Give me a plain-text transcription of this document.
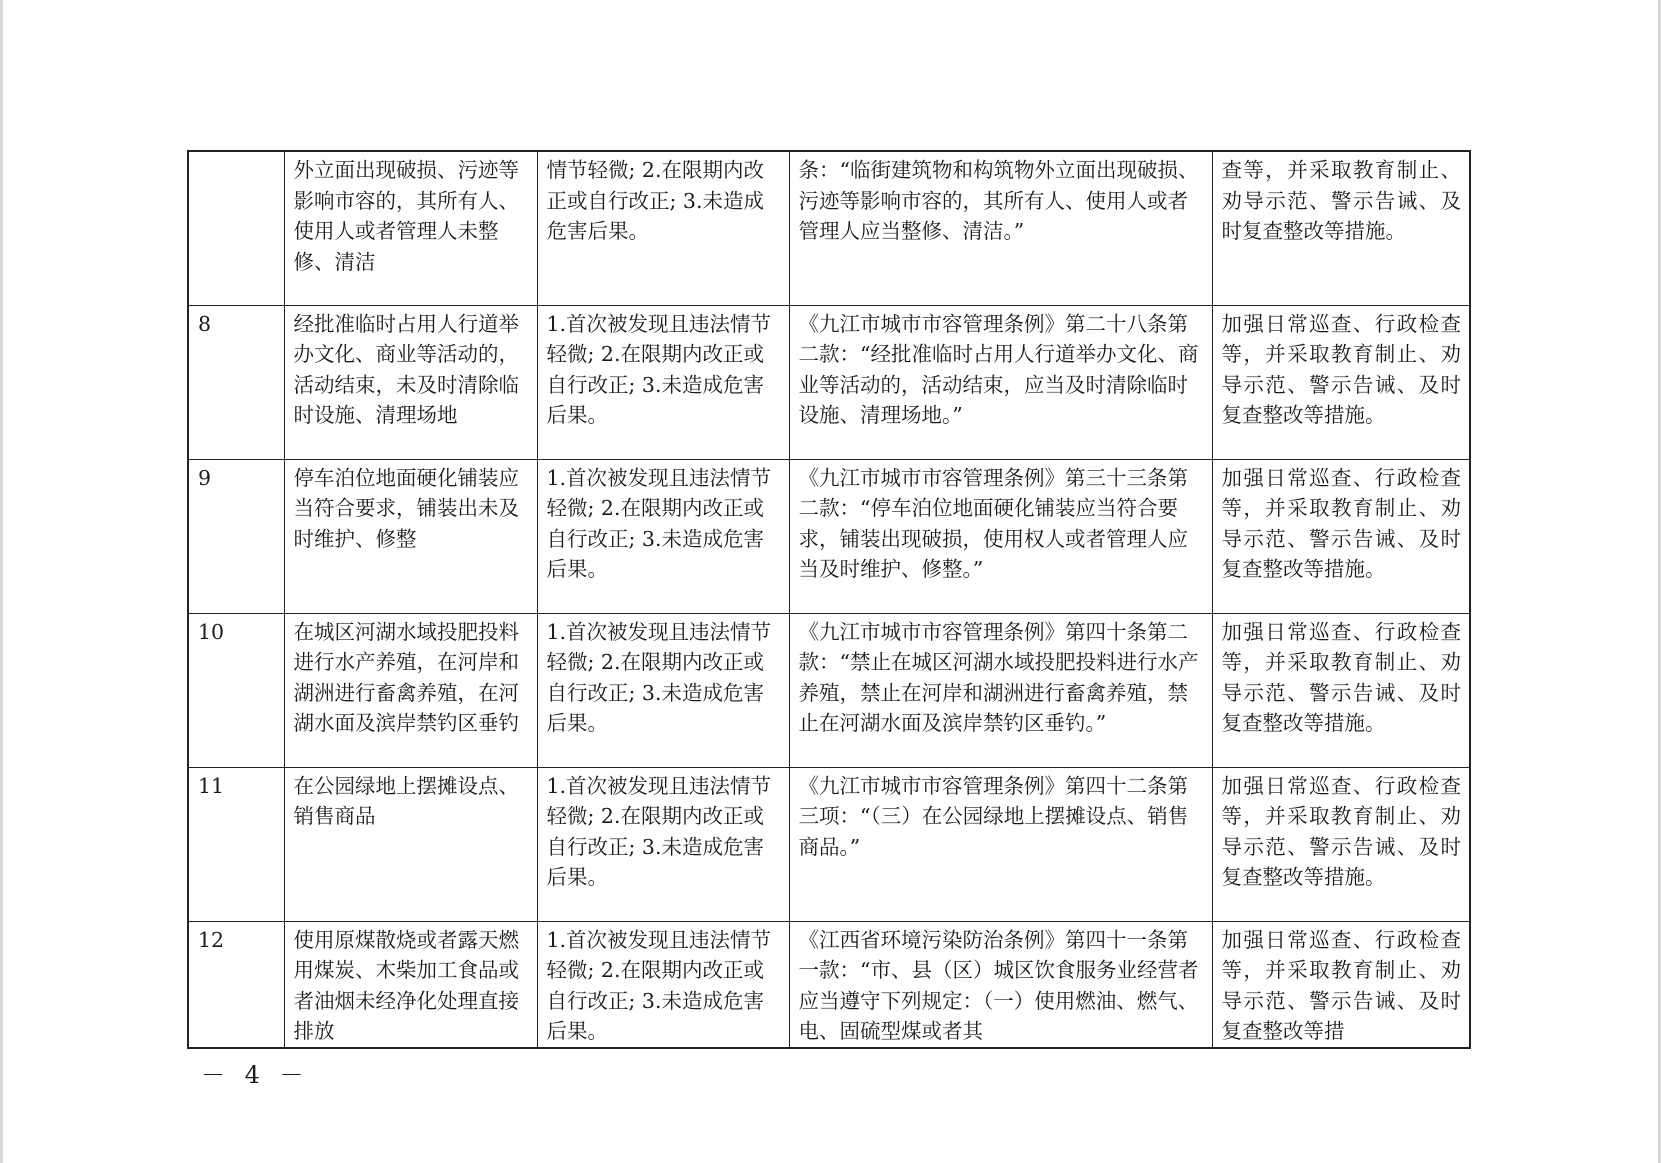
	外立面出现破损、污迹等影响市容的，其所有人、使用人或者管理人未整修、清洁	情节轻微; 2.在限期内改正或自行改正; 3.未造成危害后果。	条：“临街建筑物和构筑物外立面出现破损、污迹等影响市容的，其所有人、使用人或者管理人应当整修、清洁。”	查等，并采取教育制止、劝导示范、警示告诫、及时复查整改等措施。
8	经批准临时占用人行道举办文化、商业等活动的，活动结束，未及时清除临时设施、清理场地	1.首次被发现且违法情节轻微; 2.在限期内改正或自行改正; 3.未造成危害后果。	《九江市城市市容管理条例》第二十八条第二款：“经批准临时占用人行道举办文化、商业等活动的，活动结束，应当及时清除临时设施、清理场地。”	加强日常巡查、行政检查等，并采取教育制止、劝导示范、警示告诫、及时复查整改等措施。
9	停车泊位地面硬化铺装应当符合要求，铺装出未及时维护、修整	1.首次被发现且违法情节轻微; 2.在限期内改正或自行改正; 3.未造成危害后果。	《九江市城市市容管理条例》第三十三条第二款：“停车泊位地面硬化铺装应当符合要求，铺装出现破损，使用权人或者管理人应当及时维护、修整。”	加强日常巡查、行政检查等，并采取教育制止、劝导示范、警示告诫、及时复查整改等措施。
10	在城区河湖水域投肥投料进行水产养殖，在河岸和湖洲进行畜禽养殖，在河湖水面及滨岸禁钓区垂钓	1.首次被发现且违法情节轻微; 2.在限期内改正或自行改正; 3.未造成危害后果。	《九江市城市市容管理条例》第四十条第二款：“禁止在城区河湖水域投肥投料进行水产养殖，禁止在河岸和湖洲进行畜禽养殖，禁止在河湖水面及滨岸禁钓区垂钓。”	加强日常巡查、行政检查等，并采取教育制止、劝导示范、警示告诫、及时复查整改等措施。
11	在公园绿地上摆摊设点、销售商品	1.首次被发现且违法情节轻微; 2.在限期内改正或自行改正; 3.未造成危害后果。	《九江市城市市容管理条例》第四十二条第三项：“（三）在公园绿地上摆摊设点、销售商品。”	加强日常巡查、行政检查等，并采取教育制止、劝导示范、警示告诫、及时复查整改等措施。
12	使用原煤散烧或者露天燃用煤炭、木柴加工食品或者油烟未经净化处理直接排放	1.首次被发现且违法情节轻微; 2.在限期内改正或自行改正; 3.未造成危害后果。	《江西省环境污染防治条例》第四十一条第一款：“市、县（区）城区饮食服务业经营者应当遵守下列规定：（一）使用燃油、燃气、电、固硫型煤或者其	加强日常巡查、行政检查等，并采取教育制止、劝导示范、警示告诫、及时复查整改等措
－ 4 －
